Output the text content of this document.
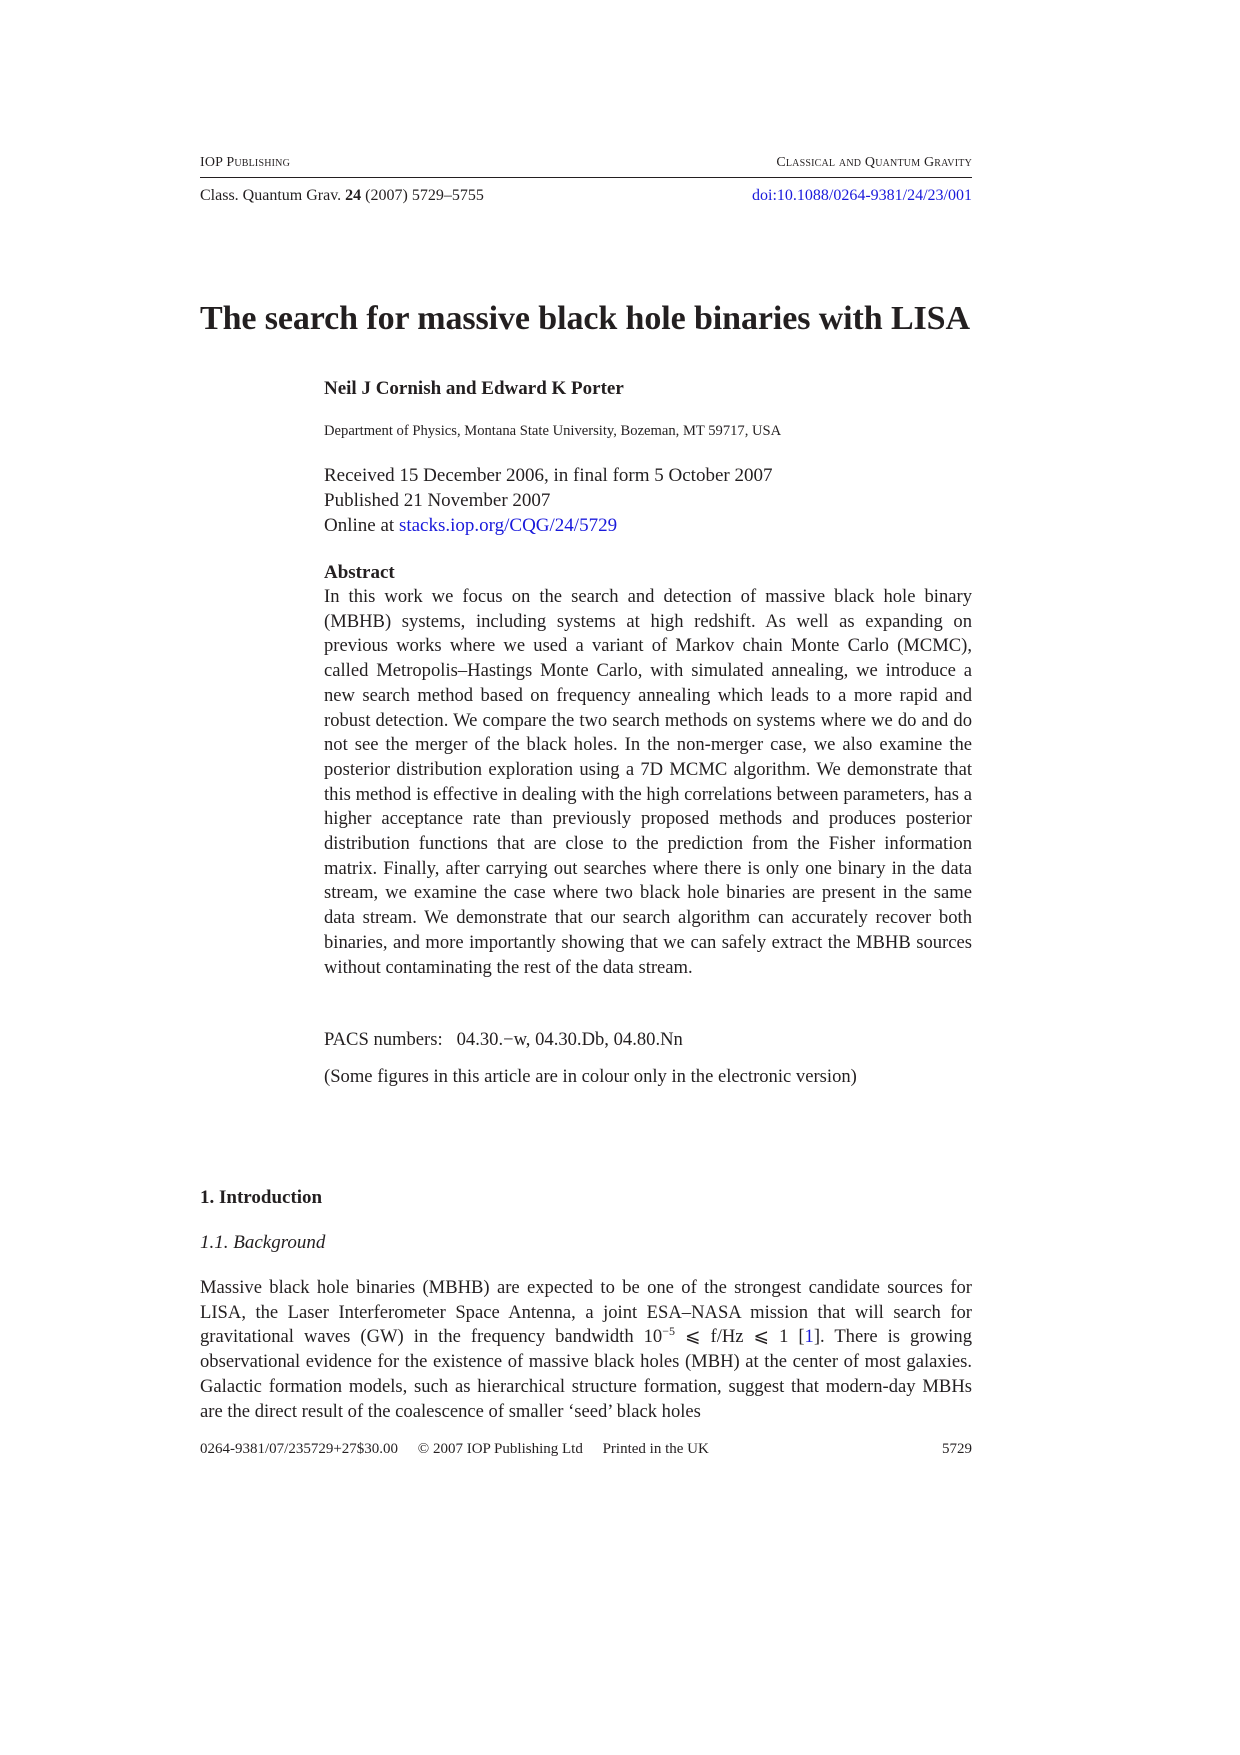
IOP Publishing	Classical and Quantum Gravity
Class. Quantum Grav. 24 (2007) 5729–5755	doi:10.1088/0264-9381/24/23/001
The search for massive black hole binaries with LISA
Neil J Cornish and Edward K Porter
Department of Physics, Montana State University, Bozeman, MT 59717, USA
Received 15 December 2006, in final form 5 October 2007
Published 21 November 2007
Online at stacks.iop.org/CQG/24/5729
Abstract

In this work we focus on the search and detection of massive black hole binary (MBHB) systems, including systems at high redshift. As well as expanding on previous works where we used a variant of Markov chain Monte Carlo (MCMC), called Metropolis–Hastings Monte Carlo, with simulated annealing, we introduce a new search method based on frequency annealing which leads to a more rapid and robust detection. We compare the two search methods on systems where we do and do not see the merger of the black holes. In the non-merger case, we also examine the posterior distribution exploration using a 7D MCMC algorithm. We demonstrate that this method is effective in dealing with the high correlations between parameters, has a higher acceptance rate than previously proposed methods and produces posterior distribution functions that are close to the prediction from the Fisher information matrix. Finally, after carrying out searches where there is only one binary in the data stream, we examine the case where two black hole binaries are present in the same data stream. We demonstrate that our search algorithm can accurately recover both binaries, and more importantly showing that we can safely extract the MBHB sources without contaminating the rest of the data stream.

PACS numbers: 04.30.−w, 04.30.Db, 04.80.Nn
(Some figures in this article are in colour only in the electronic version)
1. Introduction
1.1. Background

Massive black hole binaries (MBHB) are expected to be one of the strongest candidate sources for LISA, the Laser Interferometer Space Antenna, a joint ESA–NASA mission that will search for gravitational waves (GW) in the frequency bandwidth $10^{-5}$ ⩽ f/Hz ⩽ 1 [1]. There is growing observational evidence for the existence of massive black holes (MBH) at the center of most galaxies. Galactic formation models, such as hierarchical structure formation, suggest that modern-day MBHs are the direct result of the coalescence of smaller ‘seed’ black holes

0264-9381/07/235729+27$30.00 © 2007 IOP Publishing Ltd Printed in the UK	5729
